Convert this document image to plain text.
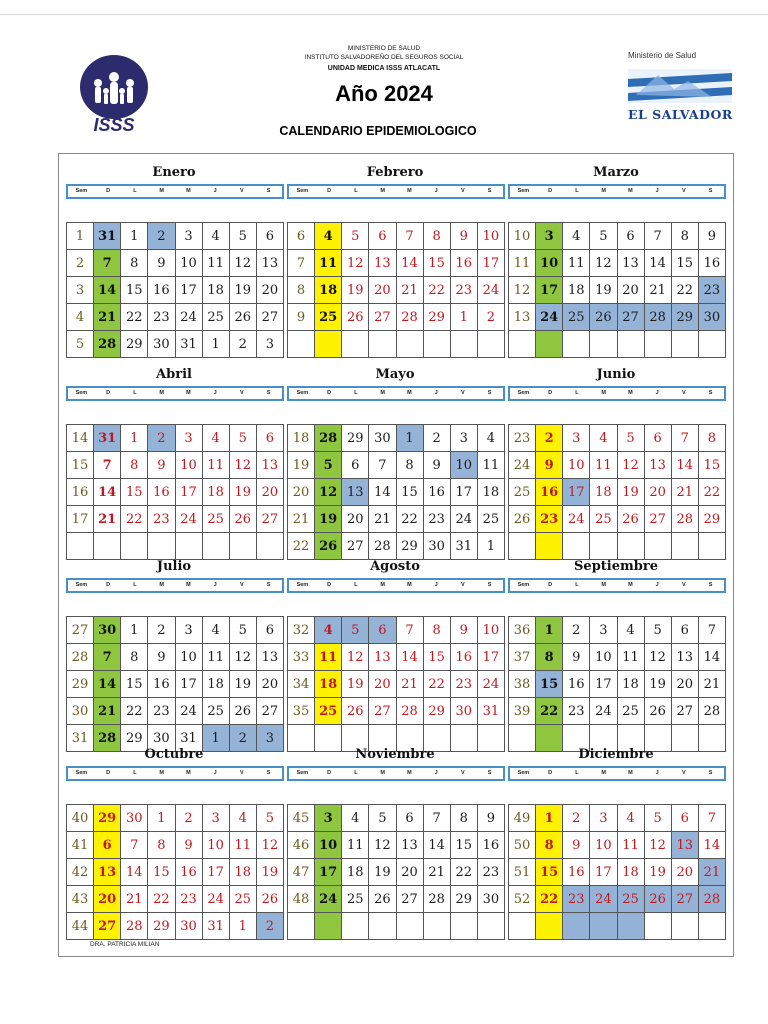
ISSS
MINISTERIO DE SALUD
INSTITUTO SALVADOREÑO DEL SEGUROS SOCIAL
UNIDAD MEDICA ISSS ATLACATL
Año 2024
CALENDARIO EPIDEMIOLOGICO
Ministerio de Salud
EL SALVADOR
Enero
Sem	D	L	M	M	J	V	S
1	31	1	2	3	4	5	6
2	7	8	9	10	11	12	13
3	14	15	16	17	18	19	20
4	21	22	23	24	25	26	27
5	28	29	30	31	1	2	3
Febrero
Sem	D	L	M	M	J	V	S
6	4	5	6	7	8	9	10
7	11	12	13	14	15	16	17
8	18	19	20	21	22	23	24
9	25	26	27	28	29	1	2

Marzo
Sem	D	L	M	M	J	V	S
10	3	4	5	6	7	8	9
11	10	11	12	13	14	15	16
12	17	18	19	20	21	22	23
13	24	25	26	27	28	29	30

Abril
Sem	D	L	M	M	J	V	S
14	31	1	2	3	4	5	6
15	7	8	9	10	11	12	13
16	14	15	16	17	18	19	20
17	21	22	23	24	25	26	27

Mayo
Sem	D	L	M	M	J	V	S
18	28	29	30	1	2	3	4
19	5	6	7	8	9	10	11
20	12	13	14	15	16	17	18
21	19	20	21	22	23	24	25
22	26	27	28	29	30	31	1
Junio
Sem	D	L	M	M	J	V	S
23	2	3	4	5	6	7	8
24	9	10	11	12	13	14	15
25	16	17	18	19	20	21	22
26	23	24	25	26	27	28	29

Julio
Sem	D	L	M	M	J	V	S
27	30	1	2	3	4	5	6
28	7	8	9	10	11	12	13
29	14	15	16	17	18	19	20
30	21	22	23	24	25	26	27
31	28	29	30	31	1	2	3
Agosto
Sem	D	L	M	M	J	V	S
32	4	5	6	7	8	9	10
33	11	12	13	14	15	16	17
34	18	19	20	21	22	23	24
35	25	26	27	28	29	30	31

Septiembre
Sem	D	L	M	M	J	V	S
36	1	2	3	4	5	6	7
37	8	9	10	11	12	13	14
38	15	16	17	18	19	20	21
39	22	23	24	25	26	27	28

Octubre
Sem	D	L	M	M	J	V	S
40	29	30	1	2	3	4	5
41	6	7	8	9	10	11	12
42	13	14	15	16	17	18	19
43	20	21	22	23	24	25	26
44	27	28	29	30	31	1	2
Noviembre
Sem	D	L	M	M	J	V	S
45	3	4	5	6	7	8	9
46	10	11	12	13	14	15	16
47	17	18	19	20	21	22	23
48	24	25	26	27	28	29	30

Diciembre
Sem	D	L	M	M	J	V	S
49	1	2	3	4	5	6	7
50	8	9	10	11	12	13	14
51	15	16	17	18	19	20	21
52	22	23	24	25	26	27	28

DRA. PATRICIA MILIAN
